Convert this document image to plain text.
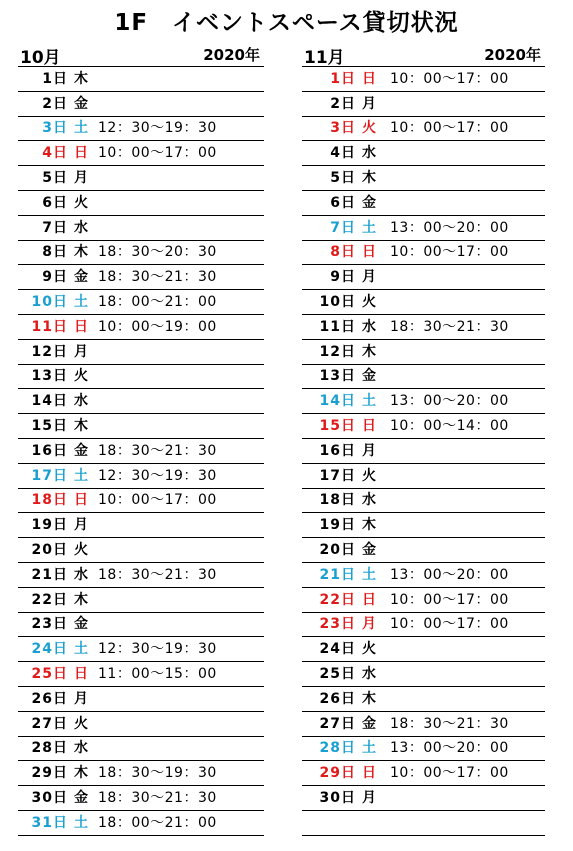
1F　イベントスペース貸切状況
10月	2020年
1日 木
2日 金
3日 土 12：30〜19：30
4日 日 10：00〜17：00
5日 月
6日 火
7日 水
8日 木 18：30〜20：30
9日 金 18：30〜21：30
10日 土 18：00〜21：00
11日 日 10：00〜19：00
12日 月
13日 火
14日 水
15日 木
16日 金 18：30〜21：30
17日 土 12：30〜19：30
18日 日 10：00〜17：00
19日 月
20日 火
21日 水 18：30〜21：30
22日 木
23日 金
24日 土 12：30〜19：30
25日 日 11：00〜15：00
26日 月
27日 火
28日 水
29日 木 18：30〜19：30
30日 金 18：30〜21：30
31日 土 18：00〜21：00
11月	2020年
1日 日 10：00〜17：00
2日 月
3日 火 10：00〜17：00
4日 水
5日 木
6日 金
7日 土 13：00〜20：00
8日 日 10：00〜17：00
9日 月
10日 火
11日 水 18：30〜21：30
12日 木
13日 金
14日 土 13：00〜20：00
15日 日 10：00〜14：00
16日 月
17日 火
18日 水
19日 木
20日 金
21日 土 13：00〜20：00
22日 日 10：00〜17：00
23日 月 10：00〜17：00
24日 火
25日 水
26日 木
27日 金 18：30〜21：30
28日 土 13：00〜20：00
29日 日 10：00〜17：00
30日 月
